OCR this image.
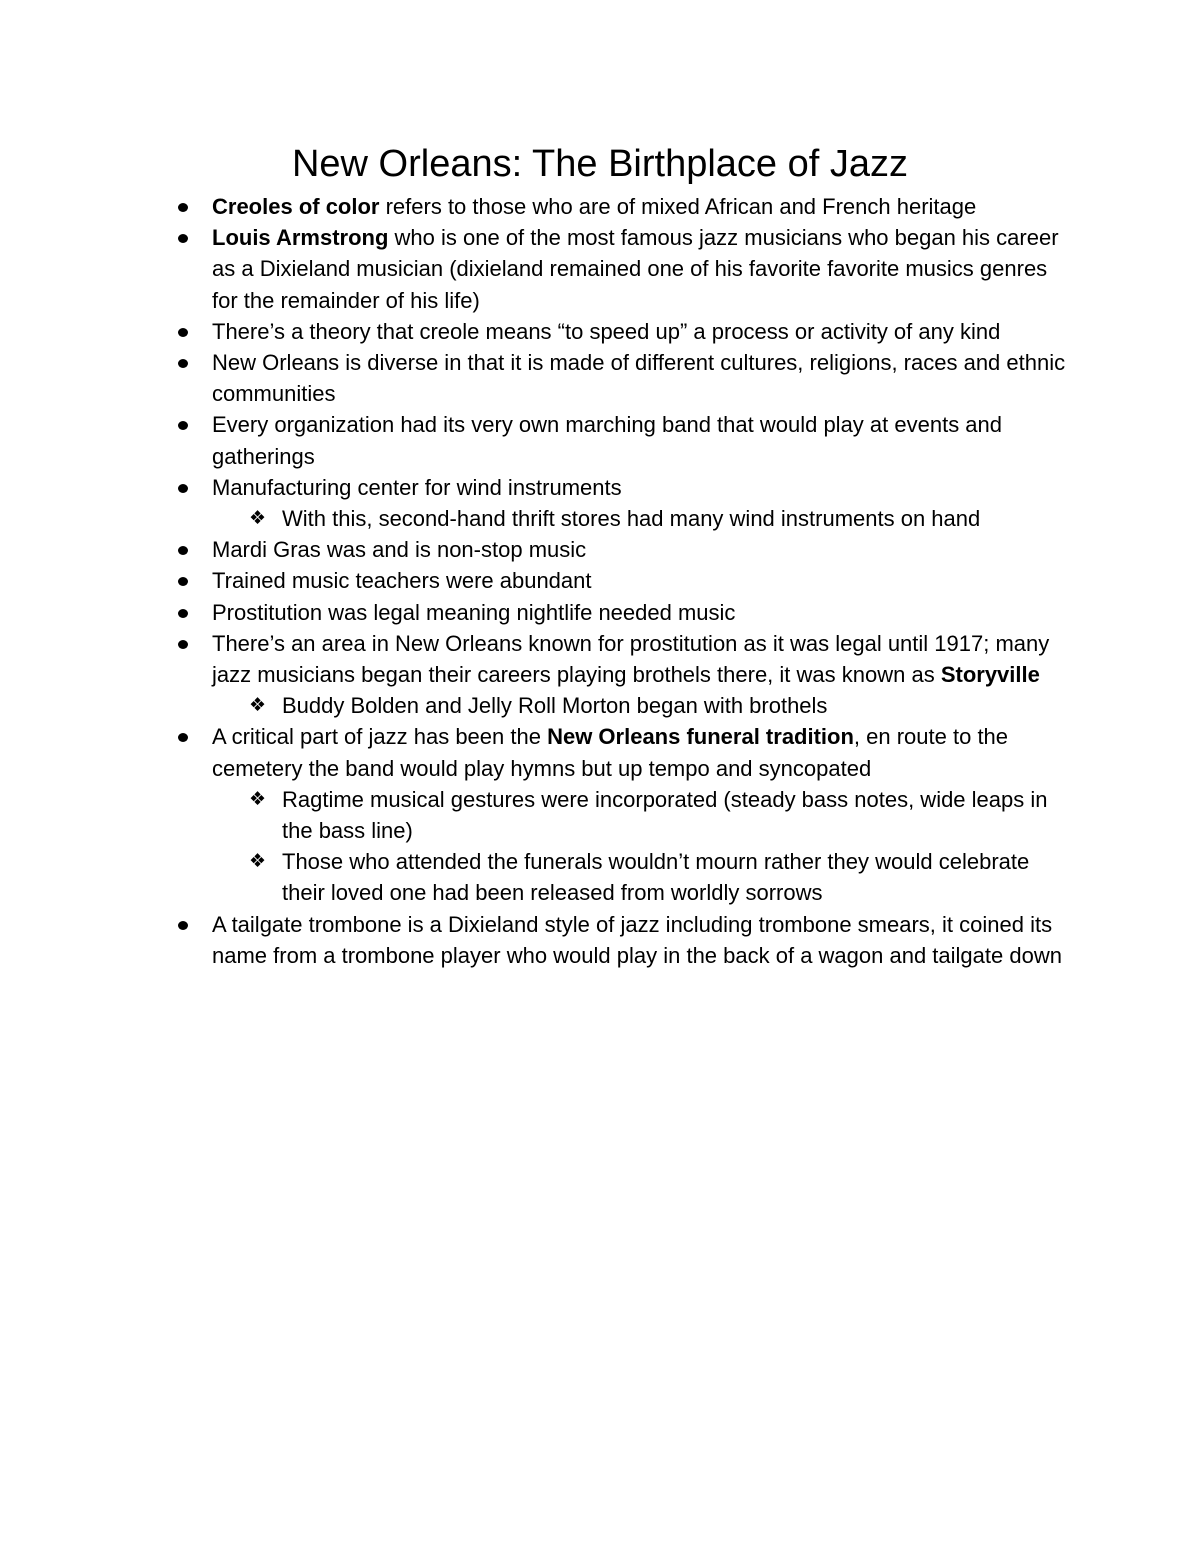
New Orleans: The Birthplace of Jazz
Creoles of color refers to those who are of mixed African and French heritage
Louis Armstrong who is one of the most famous jazz musicians who began his career as a Dixieland musician (dixieland remained one of his favorite favorite musics genres for the remainder of his life)
There’s a theory that creole means “to speed up” a process or activity of any kind
New Orleans is diverse in that it is made of different cultures, religions, races and ethnic communities
Every organization had its very own marching band that would play at events and gatherings
Manufacturing center for wind instruments
❖ With this, second-hand thrift stores had many wind instruments on hand
Mardi Gras was and is non-stop music
Trained music teachers were abundant
Prostitution was legal meaning nightlife needed music
There’s an area in New Orleans known for prostitution as it was legal until 1917; many jazz musicians began their careers playing brothels there, it was known as Storyville
❖ Buddy Bolden and Jelly Roll Morton began with brothels
A critical part of jazz has been the New Orleans funeral tradition, en route to the cemetery the band would play hymns but up tempo and syncopated
❖ Ragtime musical gestures were incorporated (steady bass notes, wide leaps in the bass line)
❖ Those who attended the funerals wouldn’t mourn rather they would celebrate their loved one had been released from worldly sorrows
A tailgate trombone is a Dixieland style of jazz including trombone smears, it coined its name from a trombone player who would play in the back of a wagon and tailgate down
